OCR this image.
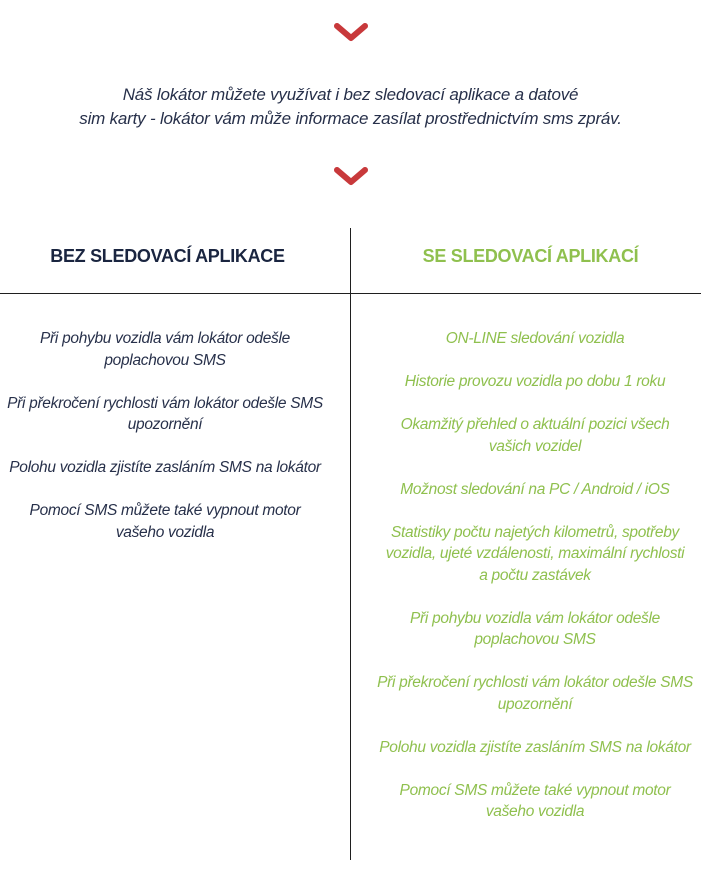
Náš lokátor můžete využívat i bez sledovací aplikace a datové
sim karty - lokátor vám může informace zasílat prostřednictvím sms zpráv.
BEZ SLEDOVACÍ APLIKACE	SE SLEDOVACÍ APLIKACÍ
Při pohybu vozidla vám lokátor odešle poplachovou SMS
Při překročení rychlosti vám lokátor odešle SMS upozornění
Polohu vozidla zjistíte zasláním SMS na lokátor
Pomocí SMS můžete také vypnout motor vašeho vozidla
ON-LINE sledování vozidla
Historie provozu vozidla po dobu 1 roku
Okamžitý přehled o aktuální pozici všech vašich vozidel
Možnost sledování na PC / Android / iOS
Statistiky počtu najetých kilometrů, spotřeby vozidla, ujeté vzdálenosti, maximální rychlosti a počtu zastávek
Při pohybu vozidla vám lokátor odešle poplachovou SMS
Při překročení rychlosti vám lokátor odešle SMS upozornění
Polohu vozidla zjistíte zasláním SMS na lokátor
Pomocí SMS můžete také vypnout motor vašeho vozidla
